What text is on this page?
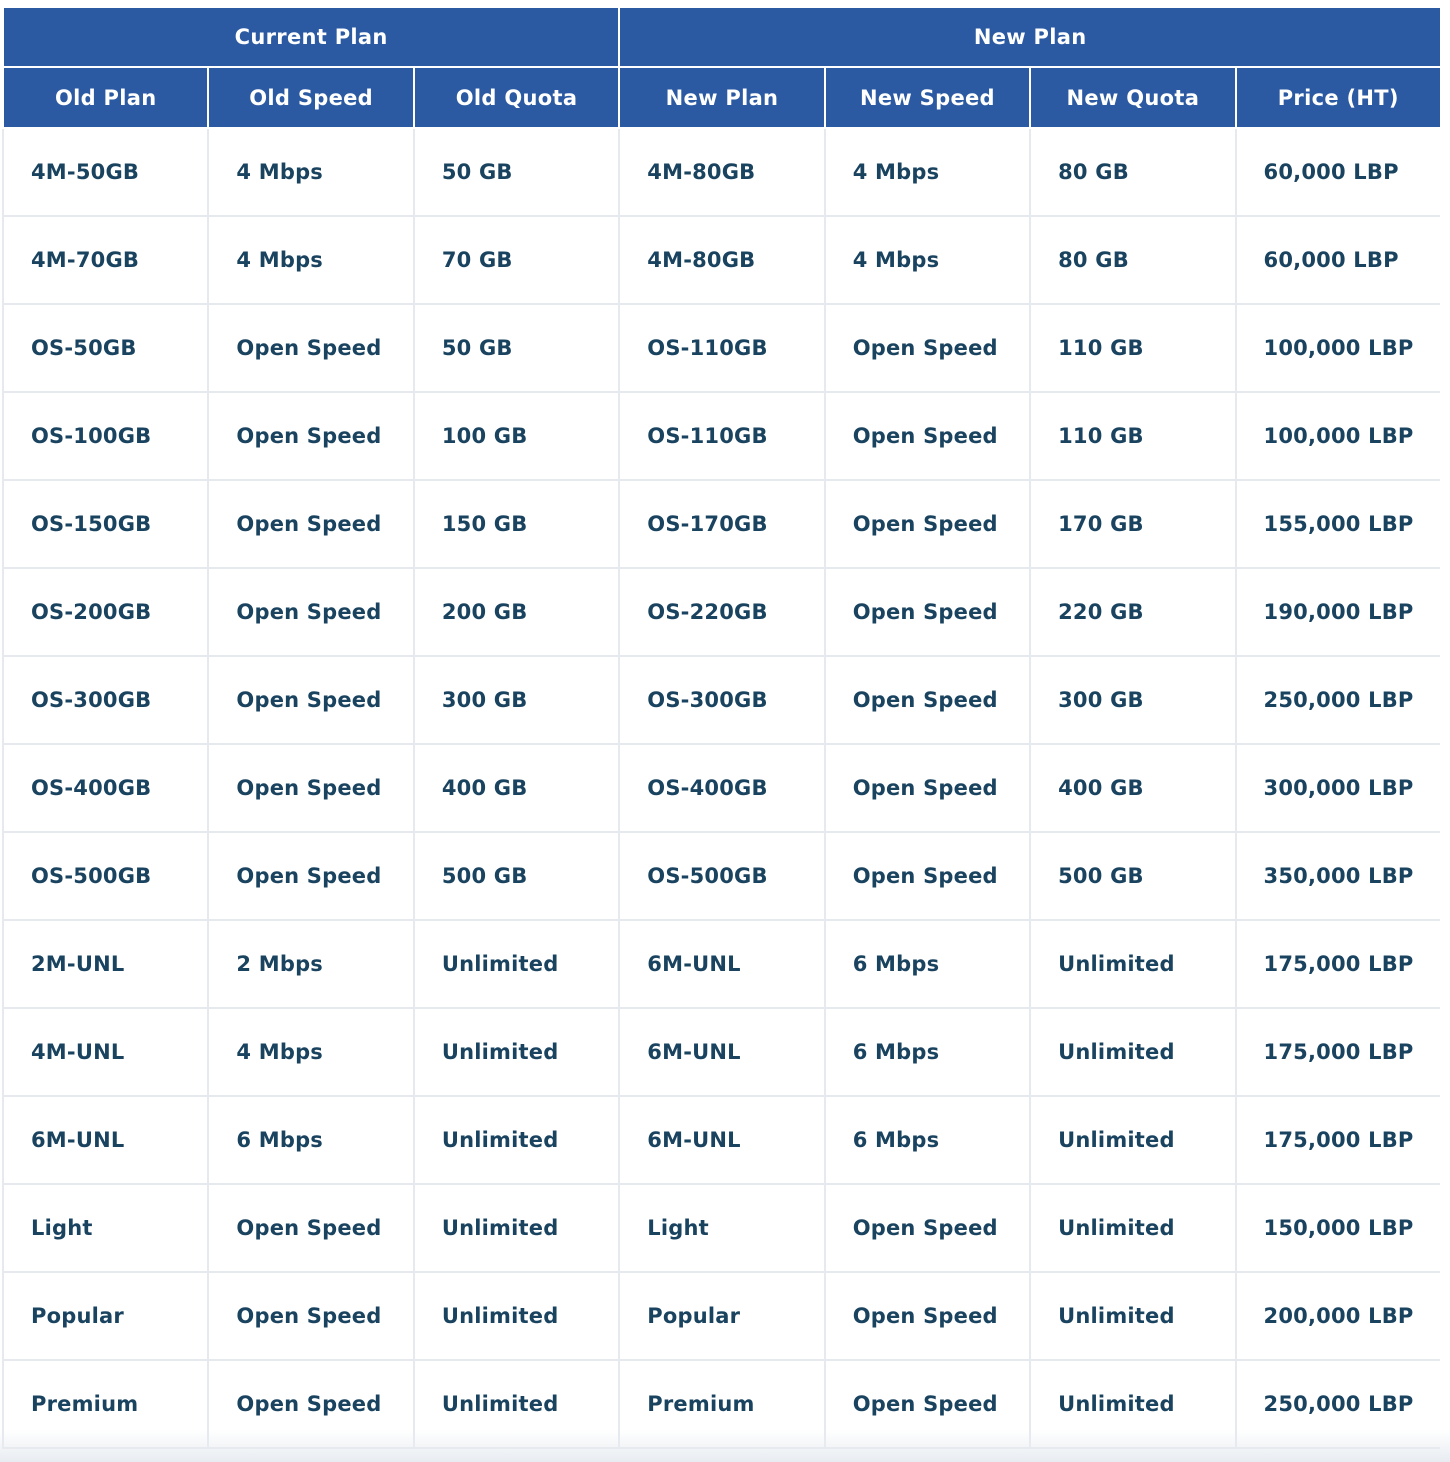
Current Plan			New Plan			
Old Plan	Old Speed	Old Quota	New Plan	New Speed	New Quota	Price (HT)
4M-50GB	4 Mbps	50 GB	4M-80GB	4 Mbps	80 GB	60,000 LBP
4M-70GB	4 Mbps	70 GB	4M-80GB	4 Mbps	80 GB	60,000 LBP
OS-50GB	Open Speed	50 GB	OS-110GB	Open Speed	110 GB	100,000 LBP
OS-100GB	Open Speed	100 GB	OS-110GB	Open Speed	110 GB	100,000 LBP
OS-150GB	Open Speed	150 GB	OS-170GB	Open Speed	170 GB	155,000 LBP
OS-200GB	Open Speed	200 GB	OS-220GB	Open Speed	220 GB	190,000 LBP
OS-300GB	Open Speed	300 GB	OS-300GB	Open Speed	300 GB	250,000 LBP
OS-400GB	Open Speed	400 GB	OS-400GB	Open Speed	400 GB	300,000 LBP
OS-500GB	Open Speed	500 GB	OS-500GB	Open Speed	500 GB	350,000 LBP
2M-UNL	2 Mbps	Unlimited	6M-UNL	6 Mbps	Unlimited	175,000 LBP
4M-UNL	4 Mbps	Unlimited	6M-UNL	6 Mbps	Unlimited	175,000 LBP
6M-UNL	6 Mbps	Unlimited	6M-UNL	6 Mbps	Unlimited	175,000 LBP
Light	Open Speed	Unlimited	Light	Open Speed	Unlimited	150,000 LBP
Popular	Open Speed	Unlimited	Popular	Open Speed	Unlimited	200,000 LBP
Premium	Open Speed	Unlimited	Premium	Open Speed	Unlimited	250,000 LBP
